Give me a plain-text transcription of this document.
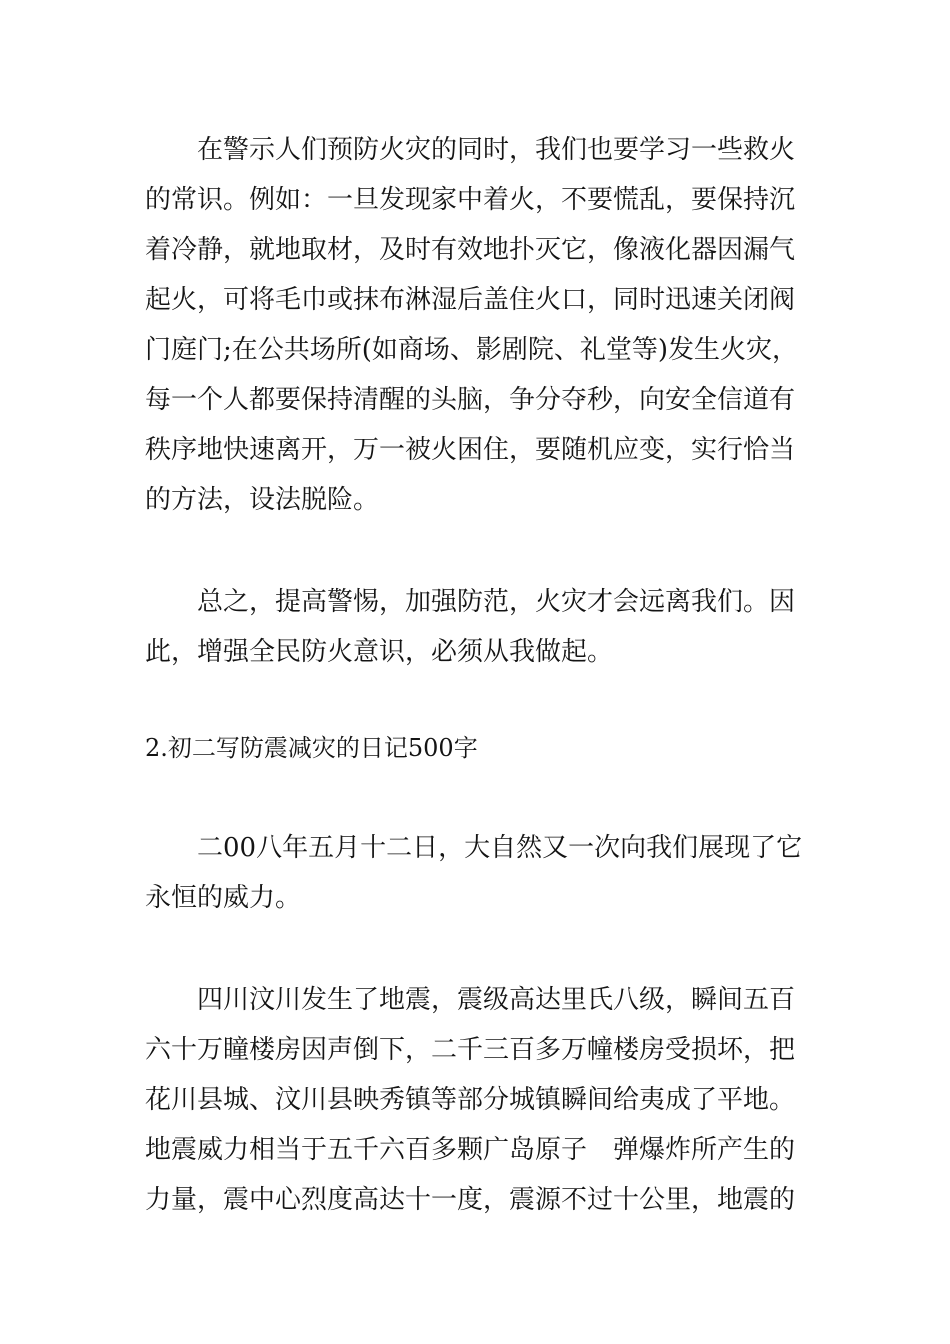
　　在警示人们预防火灾的同时，我们也要学习一些救火
的常识。例如：一旦发现家中着火，不要慌乱，要保持沉
着冷静，就地取材，及时有效地扑灭它，像液化器因漏气
起火，可将毛巾或抹布淋湿后盖住火口，同时迅速关闭阀
门庭门;在公共场所(如商场、影剧院、礼堂等)发生火灾，
每一个人都要保持清醒的头脑，争分夺秒，向安全信道有
秩序地快速离开，万一被火困住，要随机应变，实行恰当
的方法，设法脱险。
　　总之，提高警惕，加强防范，火灾才会远离我们。因
此，增强全民防火意识，必须从我做起。
2.初二写防震减灾的日记500字
　　二00八年五月十二日，大自然又一次向我们展现了它
永恒的威力。
　　四川汶川发生了地震，震级高达里氏八级，瞬间五百
六十万瞳楼房因声倒下，二千三百多万幢楼房受损坏，把
花川县城、汶川县映秀镇等部分城镇瞬间给夷成了平地。
地震威力相当于五千六百多颗广岛原子　弹爆炸所产生的
力量，震中心烈度高达十一度，震源不过十公里，地震的
